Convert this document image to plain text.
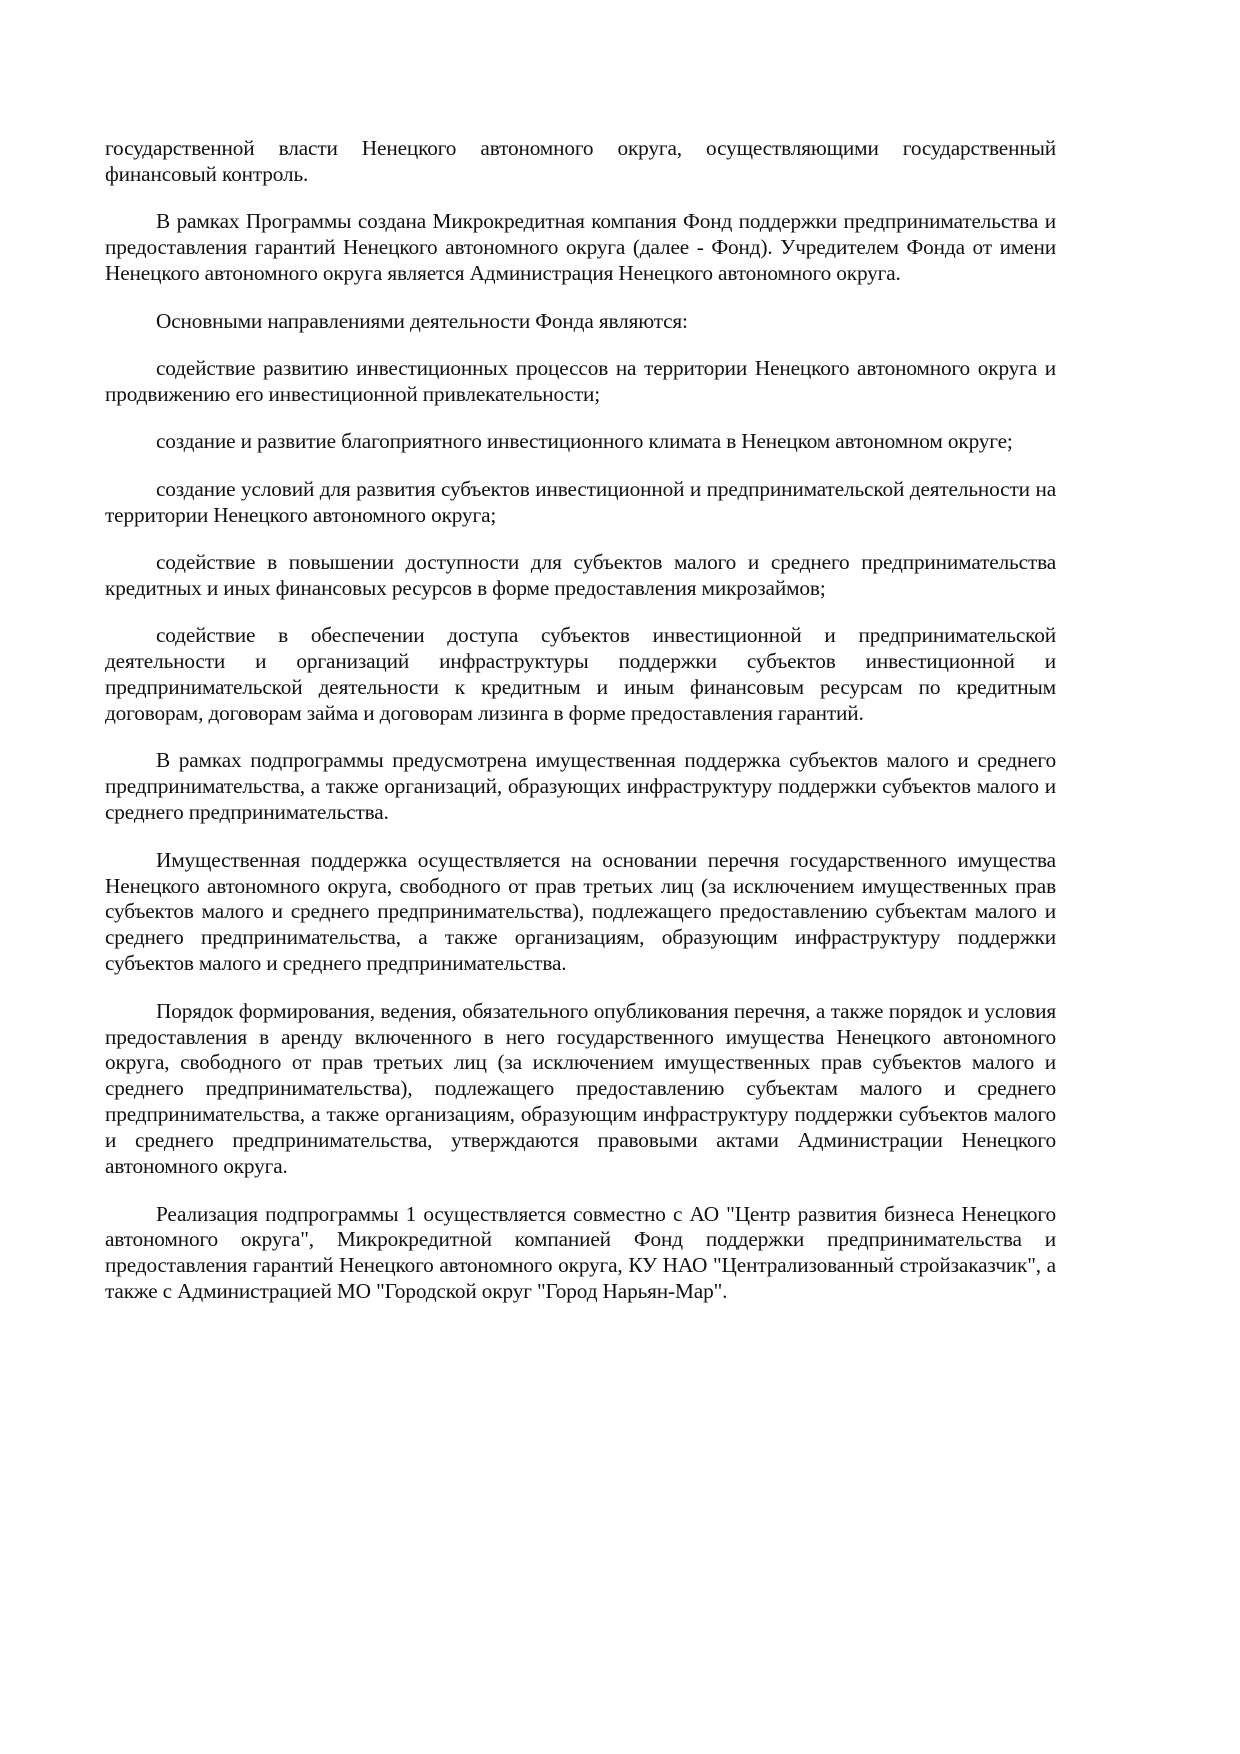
государственной власти Ненецкого автономного округа, осуществляющими государственный финансовый контроль.

В рамках Программы создана Микрокредитная компания Фонд поддержки предпринимательства и предоставления гарантий Ненецкого автономного округа (далее - Фонд). Учредителем Фонда от имени Ненецкого автономного округа является Администрация Ненецкого автономного округа.

Основными направлениями деятельности Фонда являются:

содействие развитию инвестиционных процессов на территории Ненецкого автономного округа и продвижению его инвестиционной привлекательности;

создание и развитие благоприятного инвестиционного климата в Ненецком автономном округе;

создание условий для развития субъектов инвестиционной и предпринимательской деятельности на территории Ненецкого автономного округа;

содействие в повышении доступности для субъектов малого и среднего предпринимательства кредитных и иных финансовых ресурсов в форме предоставления микрозаймов;

содействие в обеспечении доступа субъектов инвестиционной и предпринимательской деятельности и организаций инфраструктуры поддержки субъектов инвестиционной и предпринимательской деятельности к кредитным и иным финансовым ресурсам по кредитным договорам, договорам займа и договорам лизинга в форме предоставления гарантий.

В рамках подпрограммы предусмотрена имущественная поддержка субъектов малого и среднего предпринимательства, а также организаций, образующих инфраструктуру поддержки субъектов малого и среднего предпринимательства.

Имущественная поддержка осуществляется на основании перечня государственного имущества Ненецкого автономного округа, свободного от прав третьих лиц (за исключением имущественных прав субъектов малого и среднего предпринимательства), подлежащего предоставлению субъектам малого и среднего предпринимательства, а также организациям, образующим инфраструктуру поддержки субъектов малого и среднего предпринимательства.

Порядок формирования, ведения, обязательного опубликования перечня, а также порядок и условия предоставления в аренду включенного в него государственного имущества Ненецкого автономного округа, свободного от прав третьих лиц (за исключением имущественных прав субъектов малого и среднего предпринимательства), подлежащего предоставлению субъектам малого и среднего предпринимательства, а также организациям, образующим инфраструктуру поддержки субъектов малого и среднего предпринимательства, утверждаются правовыми актами Администрации Ненецкого автономного округа.

Реализация подпрограммы 1 осуществляется совместно с АО "Центр развития бизнеса Ненецкого автономного округа", Микрокредитной компанией Фонд поддержки предпринимательства и предоставления гарантий Ненецкого автономного округа, КУ НАО "Централизованный стройзаказчик", а также с Администрацией МО "Городской округ "Город Нарьян-Мар".
